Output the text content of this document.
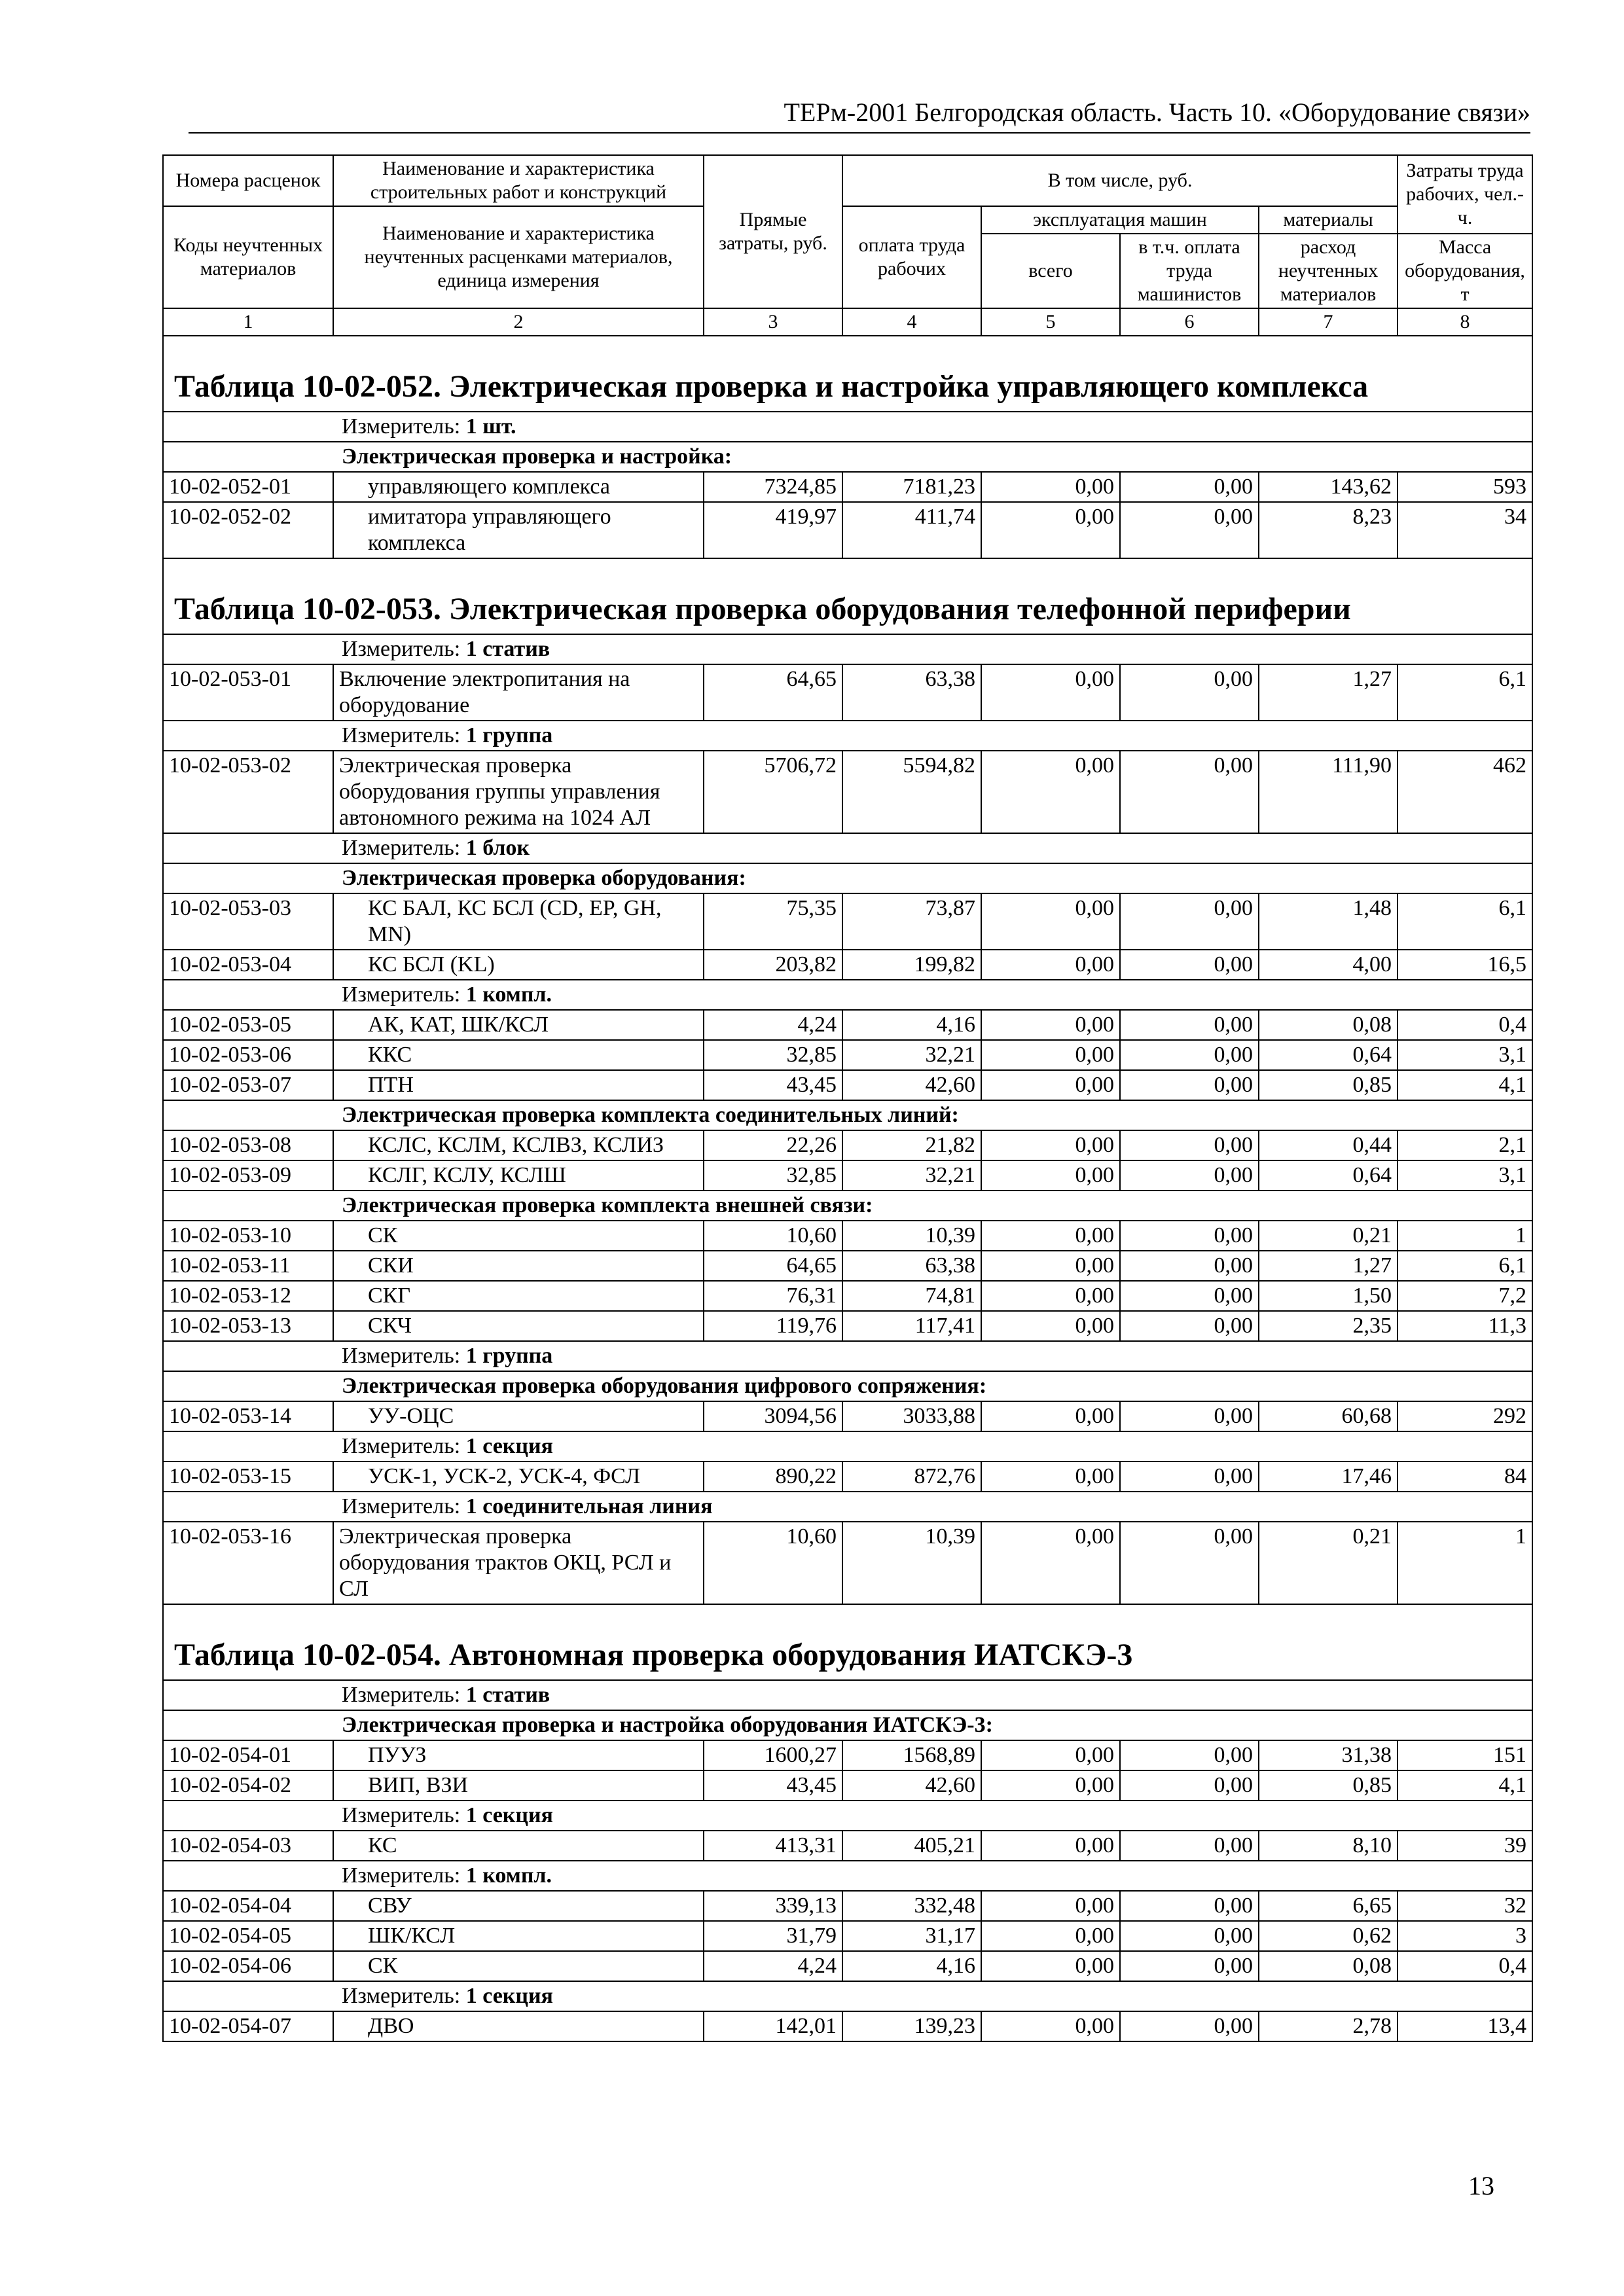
ТЕРм-2001 Белгородская область. Часть 10. «Оборудование связи»
Номера расценок	Наименование и характеристика строительных работ и конструкций	Прямые затраты, руб.	В том числе, руб.				Затраты труда рабочих, чел.-ч.
Коды неучтенных материалов	Наименование и характеристика неучтенных расценками материалов, единица измерения		оплата труда рабочих	эксплуатация машин		материалы	
				всего	в т.ч. оплата труда машинистов	расход неучтенных материалов	Масса оборудования, т
1	2	3	4	5	6	7	8
Таблица 10-02-052. Электрическая проверка и настройка управляющего комплекса							
Измеритель: 1 шт.							
Электрическая проверка и настройка:							
10-02-052-01	управляющего комплекса	7324,85	7181,23	0,00	0,00	143,62	593
10-02-052-02	имитатора управляющего комплекса	419,97	411,74	0,00	0,00	8,23	34
Таблица 10-02-053. Электрическая проверка оборудования телефонной периферии							
Измеритель: 1 статив							
10-02-053-01	Включение электропитания на оборудование	64,65	63,38	0,00	0,00	1,27	6,1
Измеритель: 1 группа							
10-02-053-02	Электрическая проверка оборудования группы управления автономного режима на 1024 АЛ	5706,72	5594,82	0,00	0,00	111,90	462
Измеритель: 1 блок							
Электрическая проверка оборудования:							
10-02-053-03	КС БАЛ, КС БСЛ (CD, EP, GH, MN)	75,35	73,87	0,00	0,00	1,48	6,1
10-02-053-04	КС БСЛ (KL)	203,82	199,82	0,00	0,00	4,00	16,5
Измеритель: 1 компл.							
10-02-053-05	АК, КАТ, ШК/КСЛ	4,24	4,16	0,00	0,00	0,08	0,4
10-02-053-06	ККС	32,85	32,21	0,00	0,00	0,64	3,1
10-02-053-07	ПТН	43,45	42,60	0,00	0,00	0,85	4,1
Электрическая проверка комплекта соединительных линий:							
10-02-053-08	КСЛС, КСЛМ, КСЛВЗ, КСЛИЗ	22,26	21,82	0,00	0,00	0,44	2,1
10-02-053-09	КСЛГ, КСЛУ, КСЛШ	32,85	32,21	0,00	0,00	0,64	3,1
Электрическая проверка комплекта внешней связи:							
10-02-053-10	СК	10,60	10,39	0,00	0,00	0,21	1
10-02-053-11	СКИ	64,65	63,38	0,00	0,00	1,27	6,1
10-02-053-12	СКГ	76,31	74,81	0,00	0,00	1,50	7,2
10-02-053-13	СКЧ	119,76	117,41	0,00	0,00	2,35	11,3
Измеритель: 1 группа							
Электрическая проверка оборудования цифрового сопряжения:							
10-02-053-14	УУ-ОЦС	3094,56	3033,88	0,00	0,00	60,68	292
Измеритель: 1 секция							
10-02-053-15	УСК-1, УСК-2, УСК-4, ФСЛ	890,22	872,76	0,00	0,00	17,46	84
Измеритель: 1 соединительная линия							
10-02-053-16	Электрическая проверка оборудования трактов ОКЦ, РСЛ и СЛ	10,60	10,39	0,00	0,00	0,21	1
Таблица 10-02-054. Автономная проверка оборудования ИАТСКЭ-3							
Измеритель: 1 статив							
Электрическая проверка и настройка оборудования ИАТСКЭ-3:							
10-02-054-01	ПУУЗ	1600,27	1568,89	0,00	0,00	31,38	151
10-02-054-02	ВИП, ВЗИ	43,45	42,60	0,00	0,00	0,85	4,1
Измеритель: 1 секция							
10-02-054-03	КС	413,31	405,21	0,00	0,00	8,10	39
Измеритель: 1 компл.							
10-02-054-04	СВУ	339,13	332,48	0,00	0,00	6,65	32
10-02-054-05	ШК/КСЛ	31,79	31,17	0,00	0,00	0,62	3
10-02-054-06	СК	4,24	4,16	0,00	0,00	0,08	0,4
Измеритель: 1 секция							
10-02-054-07	ДВО	142,01	139,23	0,00	0,00	2,78	13,4
13
